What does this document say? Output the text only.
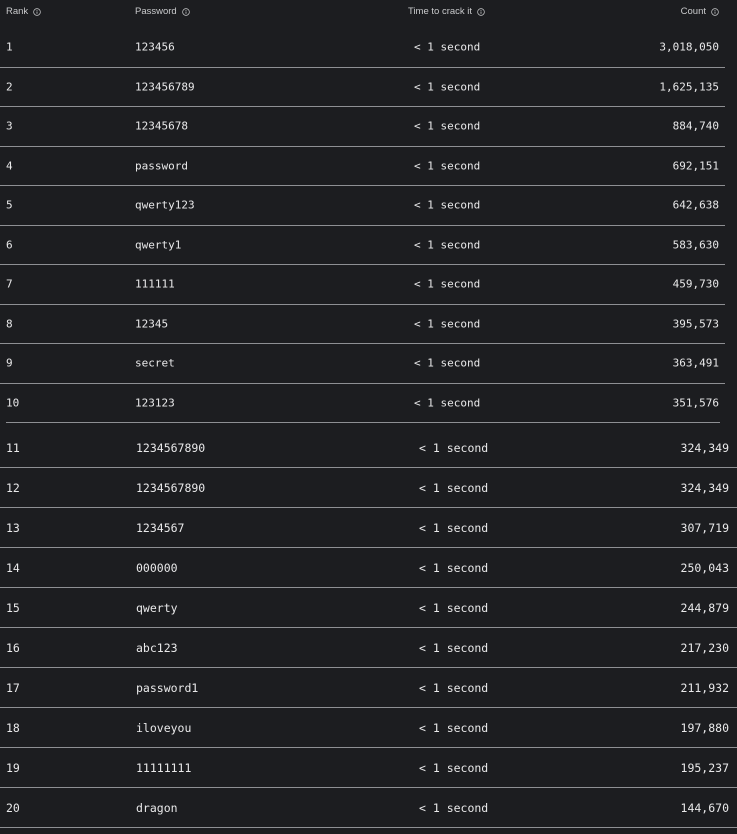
Rank	Password	Time to crack it	Count
1	123456	< 1 second	3,018,050
2	123456789	< 1 second	1,625,135
3	12345678	< 1 second	884,740
4	password	< 1 second	692,151
5	qwerty123	< 1 second	642,638
6	qwerty1	< 1 second	583,630
7	111111	< 1 second	459,730
8	12345	< 1 second	395,573
9	secret	< 1 second	363,491
10	123123	< 1 second	351,576
11	1234567890	< 1 second	324,349
12	1234567890	< 1 second	324,349
13	1234567	< 1 second	307,719
14	000000	< 1 second	250,043
15	qwerty	< 1 second	244,879
16	abc123	< 1 second	217,230
17	password1	< 1 second	211,932
18	iloveyou	< 1 second	197,880
19	11111111	< 1 second	195,237
20	dragon	< 1 second	144,670
